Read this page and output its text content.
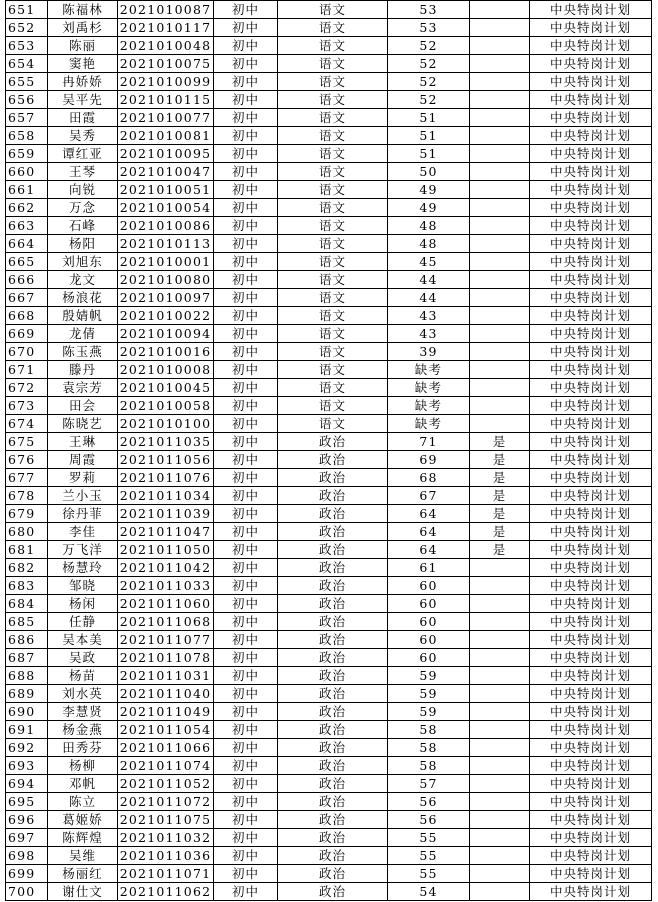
651	陈福林	2021010087	初中	语文	53		中央特岗计划
652	刘禹杉	2021010117	初中	语文	53		中央特岗计划
653	陈丽	2021010048	初中	语文	52		中央特岗计划
654	窦艳	2021010075	初中	语文	52		中央特岗计划
655	冉娇娇	2021010099	初中	语文	52		中央特岗计划
656	吴平先	2021010115	初中	语文	52		中央特岗计划
657	田霞	2021010077	初中	语文	51		中央特岗计划
658	吴秀	2021010081	初中	语文	51		中央特岗计划
659	谭红亚	2021010095	初中	语文	51		中央特岗计划
660	王琴	2021010047	初中	语文	50		中央特岗计划
661	向锐	2021010051	初中	语文	49		中央特岗计划
662	万念	2021010054	初中	语文	49		中央特岗计划
663	石峰	2021010086	初中	语文	48		中央特岗计划
664	杨阳	2021010113	初中	语文	48		中央特岗计划
665	刘旭东	2021010001	初中	语文	45		中央特岗计划
666	龙文	2021010080	初中	语文	44		中央特岗计划
667	杨浪花	2021010097	初中	语文	44		中央特岗计划
668	殷婧帆	2021010022	初中	语文	43		中央特岗计划
669	龙倩	2021010094	初中	语文	43		中央特岗计划
670	陈玉燕	2021010016	初中	语文	39		中央特岗计划
671	滕丹	2021010008	初中	语文	缺考		中央特岗计划
672	袁宗芳	2021010045	初中	语文	缺考		中央特岗计划
673	田会	2021010058	初中	语文	缺考		中央特岗计划
674	陈晓艺	2021010100	初中	语文	缺考		中央特岗计划
675	王琳	2021011035	初中	政治	71	是	中央特岗计划
676	周霞	2021011056	初中	政治	69	是	中央特岗计划
677	罗莉	2021011076	初中	政治	68	是	中央特岗计划
678	兰小玉	2021011034	初中	政治	67	是	中央特岗计划
679	徐丹菲	2021011039	初中	政治	64	是	中央特岗计划
680	李佳	2021011047	初中	政治	64	是	中央特岗计划
681	万飞洋	2021011050	初中	政治	64	是	中央特岗计划
682	杨慧玲	2021011042	初中	政治	61		中央特岗计划
683	邹晓	2021011033	初中	政治	60		中央特岗计划
684	杨闲	2021011060	初中	政治	60		中央特岗计划
685	任静	2021011068	初中	政治	60		中央特岗计划
686	吴本美	2021011077	初中	政治	60		中央特岗计划
687	吴政	2021011078	初中	政治	60		中央特岗计划
688	杨苗	2021011031	初中	政治	59		中央特岗计划
689	刘水英	2021011040	初中	政治	59		中央特岗计划
690	李慧贤	2021011049	初中	政治	59		中央特岗计划
691	杨金燕	2021011054	初中	政治	58		中央特岗计划
692	田秀芬	2021011066	初中	政治	58		中央特岗计划
693	杨柳	2021011074	初中	政治	58		中央特岗计划
694	邓帆	2021011052	初中	政治	57		中央特岗计划
695	陈立	2021011072	初中	政治	56		中央特岗计划
696	葛姬娇	2021011075	初中	政治	56		中央特岗计划
697	陈辉煌	2021011032	初中	政治	55		中央特岗计划
698	吴维	2021011036	初中	政治	55		中央特岗计划
699	杨丽红	2021011071	初中	政治	55		中央特岗计划
700	谢仕文	2021011062	初中	政治	54		中央特岗计划
